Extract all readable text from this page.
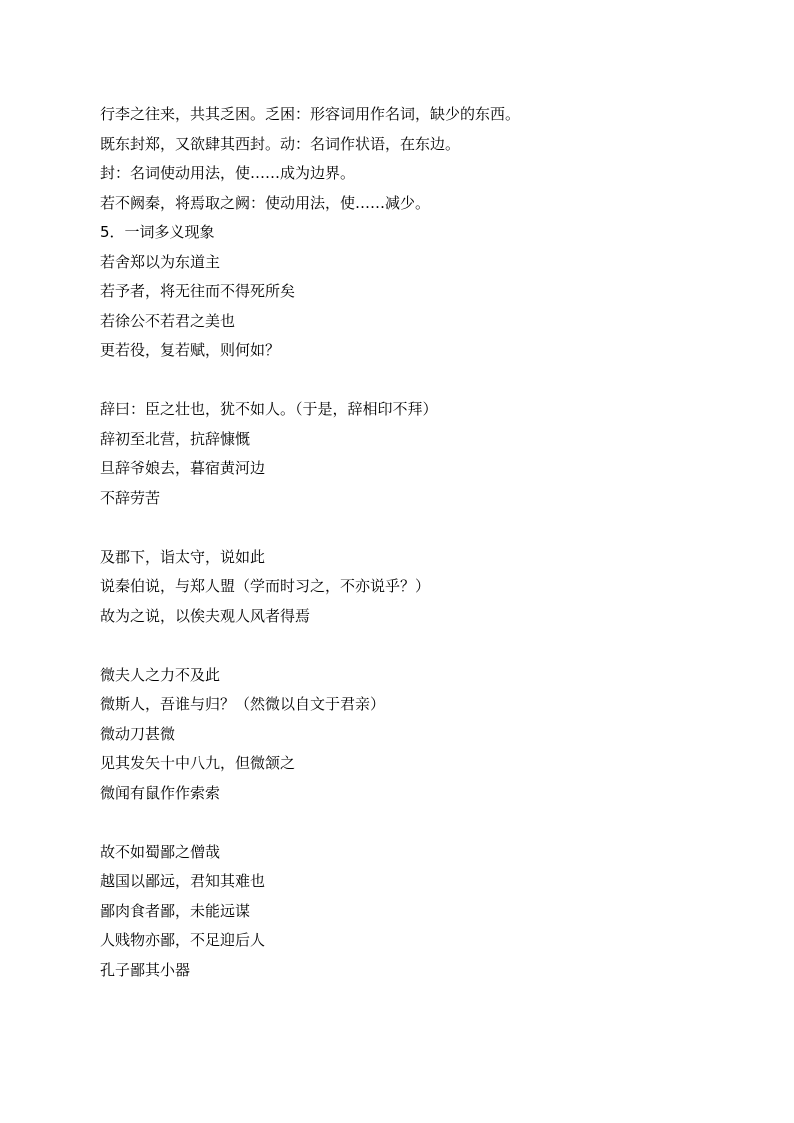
行李之往来，共其乏困。乏困：形容词用作名词，缺少的东西。
既东封郑，又欲肆其西封。动：名词作状语，在东边。
封：名词使动用法，使……成为边界。
若不阙秦，将焉取之阙：使动用法，使……减少。
5．一词多义现象
若舍郑以为东道主
若予者，将无往而不得死所矣
若徐公不若君之美也
更若役，复若赋，则何如？
辞曰：臣之壮也，犹不如人。（于是，辞相印不拜）
辞初至北营，抗辞慷慨
旦辞爷娘去，暮宿黄河边
不辞劳苦
及郡下，诣太守，说如此
说秦伯说，与郑人盟（学而时习之，不亦说乎？）
故为之说，以俟夫观人风者得焉
微夫人之力不及此
微斯人，吾谁与归？（然微以自文于君亲）
微动刀甚微
见其发矢十中八九，但微颔之
微闻有鼠作作索索
故不如蜀鄙之僧哉
越国以鄙远，君知其难也
鄙肉食者鄙，未能远谋
人贱物亦鄙，不足迎后人
孔子鄙其小器
